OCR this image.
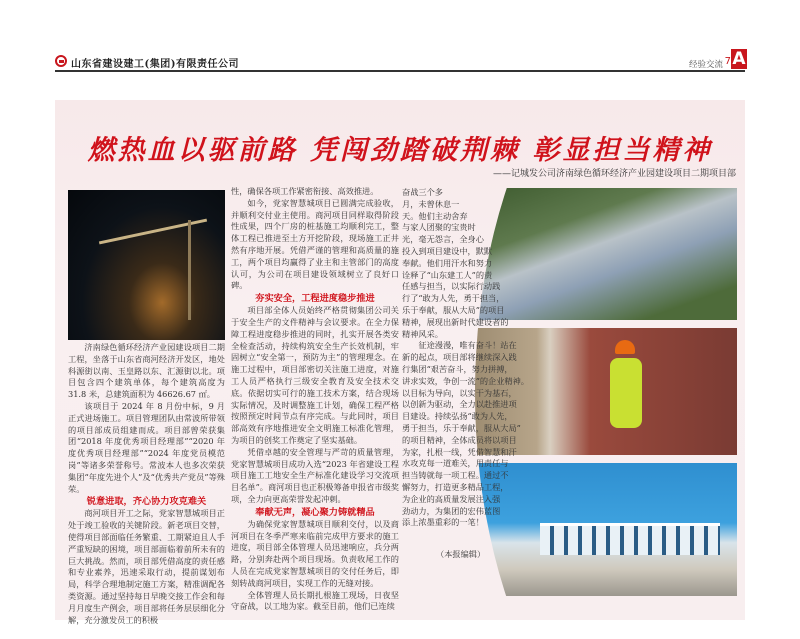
山东省建设建工(集团)有限责任公司	经验交流 7 A
燃热血以驱前路 凭闯劲踏破荆棘 彰显担当精神
——记城发公司济南绿色循环经济产业园建设项目二期项目部

济南绿色循环经济产业园建设项目二期工程，坐落于山东省商河经济开发区，地处科源街以南、玉皇路以东、汇源街以北。项目包含四个建筑单体，每个建筑高度为 31.8 米，总建筑面积为 46626.67 ㎡。

该项目于 2024 年 8 月份中标，9 月正式进场施工。项目管理团队由常波所带领的项目部成员组建而成。项目部曾荣获集团“2018 年度优秀项目经理部”“2020 年度优秀项目经理部”“2024 年度党员模范岗”等诸多荣誉称号。常波本人也多次荣获集团“年度先进个人”及“优秀共产党员”等殊荣。

锐意进取，齐心协力攻克难关

商河项目开工之际，党家智慧城项目正处于竣工验收的关键阶段。新老项目交替，使得项目部面临任务繁重、工期紧迫且人手严重短缺的困境，项目部面临着前所未有的巨大挑战。然而，项目部凭借高度的责任感和专业素养，迅速采取行动，提前谋划布局，科学合理地制定施工方案，精准调配各类资源。通过坚持每日早晚交接工作会和每月月度生产例会，项目部将任务层层细化分解，充分激发员工的积极

性，确保各项工作紧密衔接、高效推进。

如今，党家智慧城项目已圆满完成验收，并顺利交付业主使用。商河项目同样取得阶段性成果，四个厂房的桩基施工均顺利完工，整体工程已推进至土方开挖阶段，现场施工正井然有序地开展。凭借严谨的管理和高质量的施工，两个项目均赢得了业主和主管部门的高度认可，为公司在项目建设领域树立了良好口碑。

夯实安全，工程进度稳步推进

项目部全体人员始终严格贯彻集团公司关于安全生产的文件精神与会议要求。在全力保障工程进度稳步推进的同时，扎实开展各类安全检查活动，持续构筑安全生产长效机制，牢固树立“安全第一，预防为主”的管理理念。在施工过程中，项目部密切关注施工进度，对施工人员严格执行三级安全教育及安全技术交底。依据切实可行的施工技术方案，结合现场实际情况，及时调整施工计划，确保工程严格按照预定时间节点有序完成。与此同时，项目部高效有序地推进安全文明施工标准化管理，为项目的创奖工作奠定了坚实基础。

凭借卓越的安全管理与严苛的质量管理，党家智慧城项目成功入选“2023 年省建设工程项目施工工地安全生产标准化建设学习交流项目名单”。商河项目也正积极筹备申报省市级奖项，全力向更高荣誉发起冲刺。

奉献无声，凝心聚力铸就精品

为确保党家智慧城项目顺利交付，以及商河项目在冬季严寒来临前完成甲方要求的施工进度，项目部全体管理人员迅速响应，兵分两路，分别奔赴两个项目现场。负责收尾工作的人员在完成党家智慧城项目的交付任务后，即刻转战商河项目，实现工作的无缝对接。

全体管理人员长期扎根施工现场，日夜坚守奋战，以工地为家。截至目前，他们已连续

奋战三个多
月，未曾休息一
天。他们主动舍弃
与家人团聚的宝贵时
光，毫无怨言，全身心
投入到项目建设中，默默
奉献。他们用汗水和努力
诠释了“山东建工人”的责
任感与担当，以实际行动践
行了“敢为人先，勇于担当，
乐于奉献，服从大局”的项目
精神，展现出新时代建设者的
精神风采。
征途漫漫，唯有奋斗！站在
新的起点，项目部将继续深入践
行集团“艰苦奋斗，努力拼搏，
讲求实效，争创一流”的企业精神。
以目标为导向，以实干为基石，
以创新为驱动，全力以赴推进项
目建设。持续弘扬“敢为人先，
勇于担当，乐于奉献，服从大局”
的项目精神，全体成员将以项目
为家，扎根一线，凭借智慧和汗
水攻克每一道难关，用责任与
担当铸就每一项工程。通过不
懈努力，打造更多精品工程，
为企业的高质量发展注入强
劲动力，为集团的宏伟蓝图
添上浓墨重彩的一笔！
（本报编辑）
